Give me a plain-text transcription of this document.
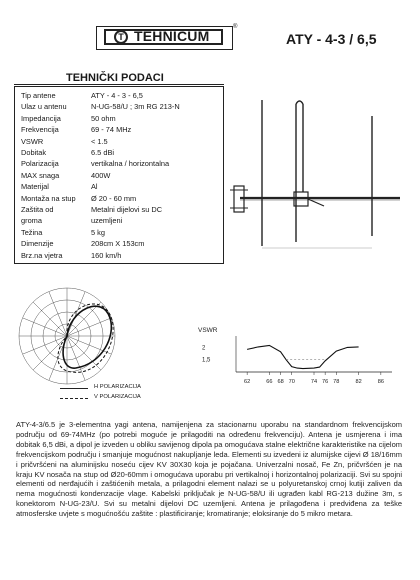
T TEHNICUM
®
ATY - 4-3 / 6,5
TEHNIČKI PODACI
Tip antene	ATY - 4 - 3 - 6,5
Ulaz u antenu	N-UG-58/U ; 3m RG 213-N
Impedancija	50 ohm
Frekvencija	69 - 74 MHz
VSWR	< 1.5
Dobitak	6.5 dBi
Polarizacija	vertikalna / horizontalna
MAX snaga	400W
Materijal	Al
Montaža na stup Ø 20 - 60 mm
Zaštita od	Metalni dijelovi su DC
groma	uzemljeni
Težina	5 kg
Dimenzije	208cm X 153cm
Brz.na vjetra	160 km/h
H POLARIZACIJA
V POLARIZACIJA
VSWR
2
1,5
62	66 68 70	74 76 78	82	86
ATY-4-3/6.5 je 3-elementna yagi antena, namijenjena za stacionarnu uporabu na standardnom frekvencijskom području od 69-74MHz (po potrebi moguće je prilagoditi na određenu frekvenciju). Antena je usmjerena i ima dobitak 6,5 dBi, a dipol je izveden u obliku savijenog dipola pa omogućava stalne električne karakteristike na cijelom frekvencijskom području i smanjuje mogućnost nakupljanje leda. Elementi su izvedeni iz alumijske cijevi Ø 18/16mm i pričvršćeni na aluminijsku noseću cijev KV 30X30 koja je pojačana. Univerzalni nosač, Fe Zn, pričvršćen je na kraju KV nosača na stup od Ø20-60mm i omogućava uporabu pri vertikalnoj i horizontalnoj polarizaciji. Svi su spojni elementi od nerđajućih i zaštićenih metala, a prilagodni element nalazi se u polyuretanskoj crnoj kutiji zaliven da nema mogućnosti kondenzacije vlage. Kabelski priključak je N-UG-58/U ili ugrađen kabl RG-213 dužine 3m, s konektorom N-UG-23/U. Svi su metalni dijelovi DC uzemljeni. Antena je prilagođena i predviđena za teške atmosferske uvjete s mogućnošću zaštite : plastificiranje; kromatiranje; eloksiranje do 5 mikro metara.
